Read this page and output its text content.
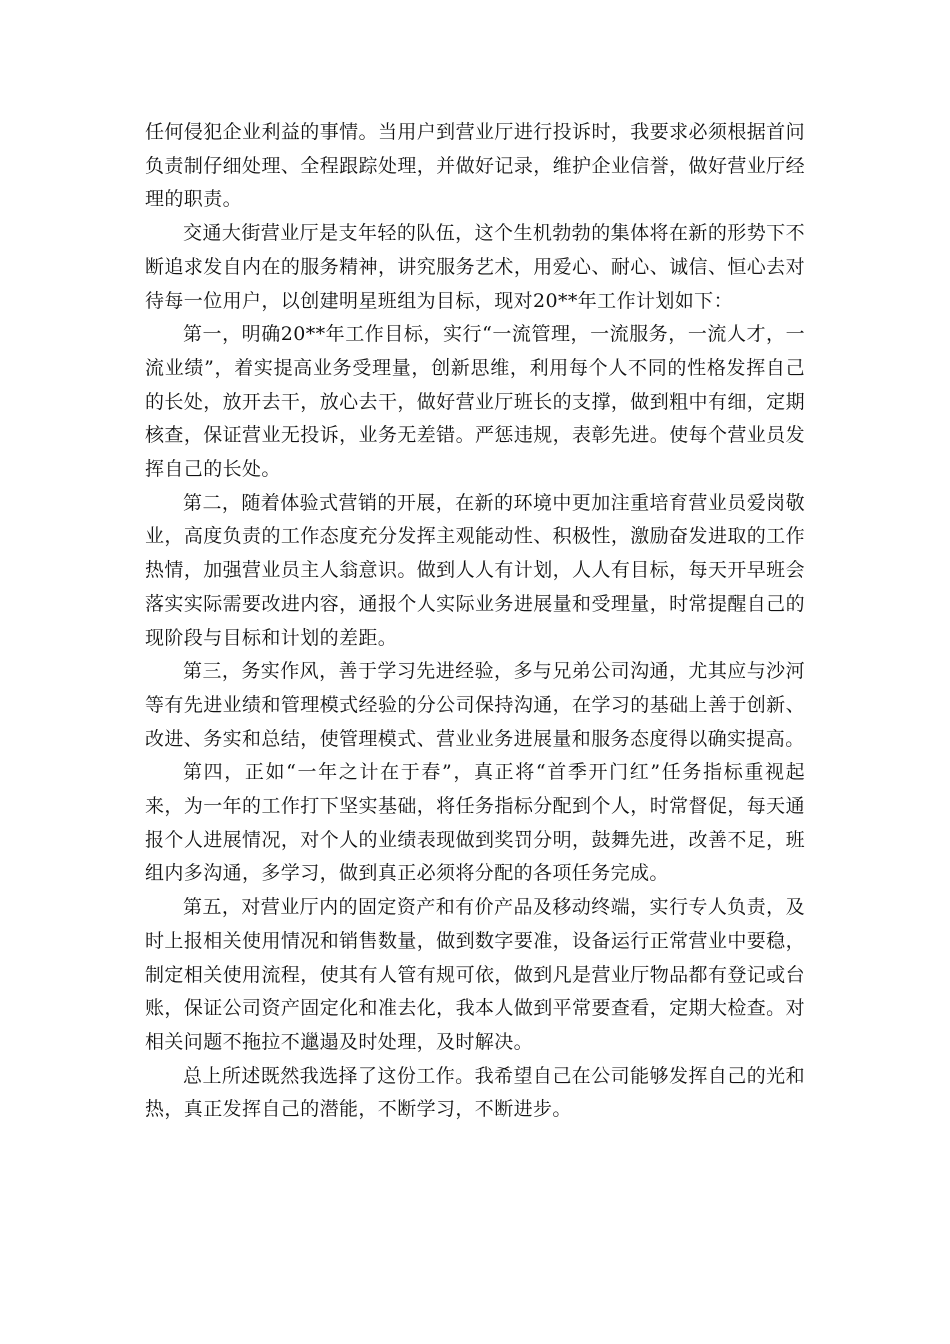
任何侵犯企业利益的事情。当用户到营业厅进行投诉时，我要求必须根据首问负责制仔细处理、全程跟踪处理，并做好记录，维护企业信誉，做好营业厅经理的职责。

交通大街营业厅是支年轻的队伍，这个生机勃勃的集体将在新的形势下不断追求发自内在的服务精神，讲究服务艺术，用爱心、耐心、诚信、恒心去对待每一位用户，以创建明星班组为目标，现对20**年工作计划如下：

第一，明确20**年工作目标，实行“一流管理，一流服务，一流人才，一流业绩”，着实提高业务受理量，创新思维，利用每个人不同的性格发挥自己的长处，放开去干，放心去干，做好营业厅班长的支撑，做到粗中有细，定期核查，保证营业无投诉，业务无差错。严惩违规，表彰先进。使每个营业员发挥自己的长处。

第二，随着体验式营销的开展，在新的环境中更加注重培育营业员爱岗敬业，高度负责的工作态度充分发挥主观能动性、积极性，激励奋发进取的工作热情，加强营业员主人翁意识。做到人人有计划，人人有目标，每天开早班会落实实际需要改进内容，通报个人实际业务进展量和受理量，时常提醒自己的现阶段与目标和计划的差距。

第三，务实作风，善于学习先进经验，多与兄弟公司沟通，尤其应与沙河等有先进业绩和管理模式经验的分公司保持沟通，在学习的基础上善于创新、改进、务实和总结，使管理模式、营业业务进展量和服务态度得以确实提高。

第四，正如“一年之计在于春”，真正将“首季开门红”任务指标重视起来，为一年的工作打下坚实基础，将任务指标分配到个人，时常督促，每天通报个人进展情况，对个人的业绩表现做到奖罚分明，鼓舞先进，改善不足，班组内多沟通，多学习，做到真正必须将分配的各项任务完成。

第五，对营业厅内的固定资产和有价产品及移动终端，实行专人负责，及时上报相关使用情况和销售数量，做到数字要准，设备运行正常营业中要稳，制定相关使用流程，使其有人管有规可依，做到凡是营业厅物品都有登记或台账，保证公司资产固定化和准去化，我本人做到平常要查看，定期大检查。对相关问题不拖拉不邋遢及时处理，及时解决。

总上所述既然我选择了这份工作。我希望自己在公司能够发挥自己的光和热，真正发挥自己的潜能，不断学习，不断进步。
